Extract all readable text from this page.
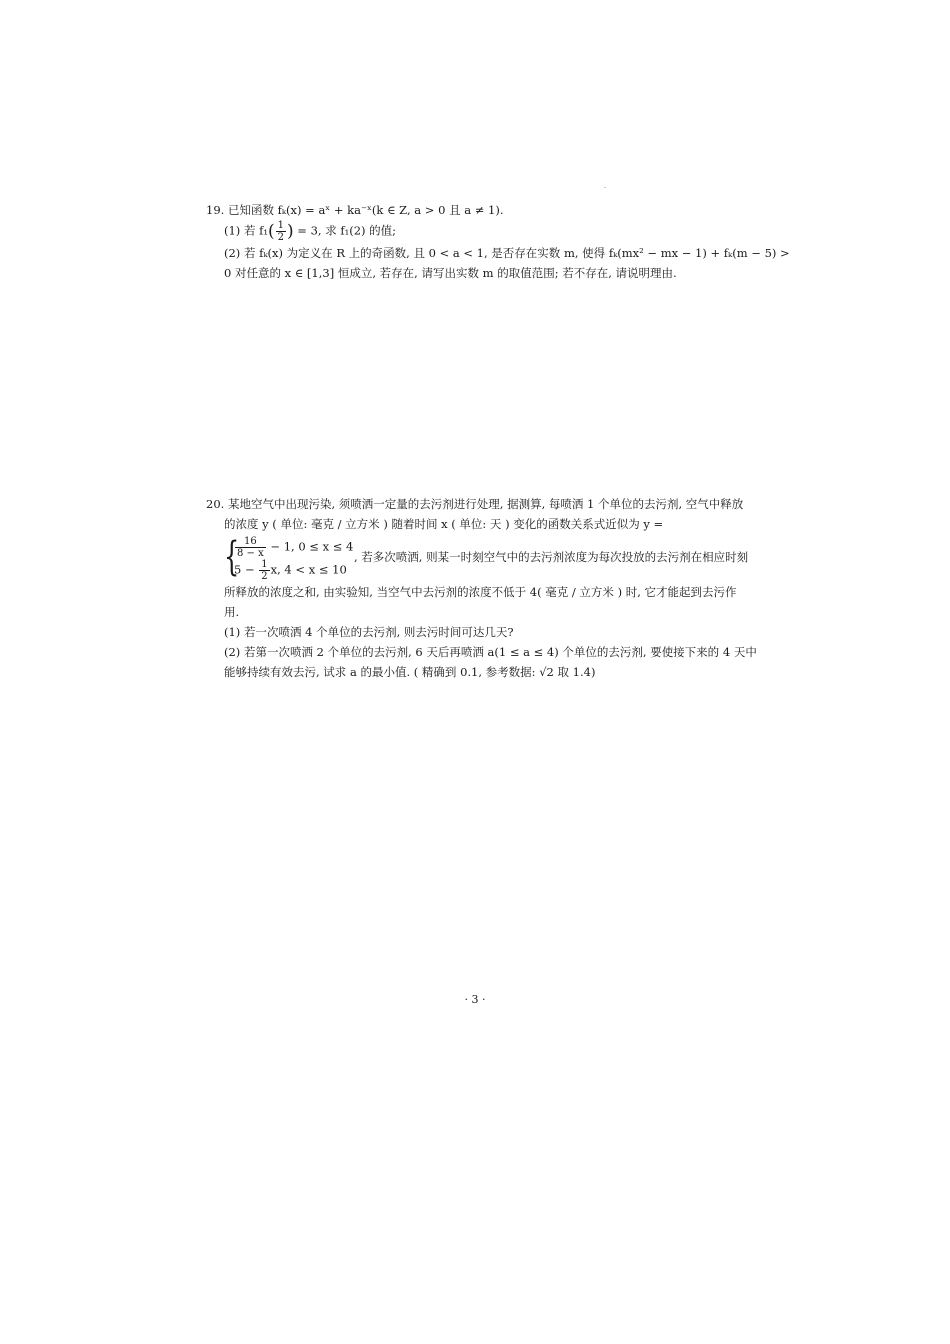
19. 已知函数 fₖ(x) = aˣ + ka⁻ˣ(k ∈ Z, a > 0 且 a ≠ 1).
(1) 若 $f_1( \frac{1}{2}$ ) = 3, 求 f₁(2) 的值;
(2) 若 fₖ(x) 为定义在 R 上的奇函数, 且 0 < a < 1, 是否存在实数 m, 使得 fₖ(mx² − mx − 1) + fₖ(m − 5) >
0 对任意的 x ∈ [1,3] 恒成立, 若存在, 请写出实数 m 的取值范围; 若不存在, 请说明理由.
20. 某地空气中出现污染, 须喷洒一定量的去污剂进行处理, 据测算, 每喷洒 1 个单位的去污剂, 空气中释放
的浓度 y ( 单位: 毫克 / 立方米 ) 随着时间 x ( 单位: 天 ) 变化的函数关系式近似为 y =
{
$\frac{16}{8 - x} - 1$, 0 ≤ x ≤ 4
$5 - \frac{1}{2} x$, 4 < x ≤ 10
, 若多次喷洒, 则某一时刻空气中的去污剂浓度为每次投放的去污剂在相应时刻
所释放的浓度之和, 由实验知, 当空气中去污剂的浓度不低于 4( 毫克 / 立方米 ) 时, 它才能起到去污作
用.
(1) 若一次喷洒 4 个单位的去污剂, 则去污时间可达几天?
(2) 若第一次喷洒 2 个单位的去污剂, 6 天后再喷洒 a(1 ≤ a ≤ 4) 个单位的去污剂, 要使接下来的 4 天中
能够持续有效去污, 试求 a 的最小值. ( 精确到 0.1, 参考数据: √2 取 1.4)
· 3 ·
